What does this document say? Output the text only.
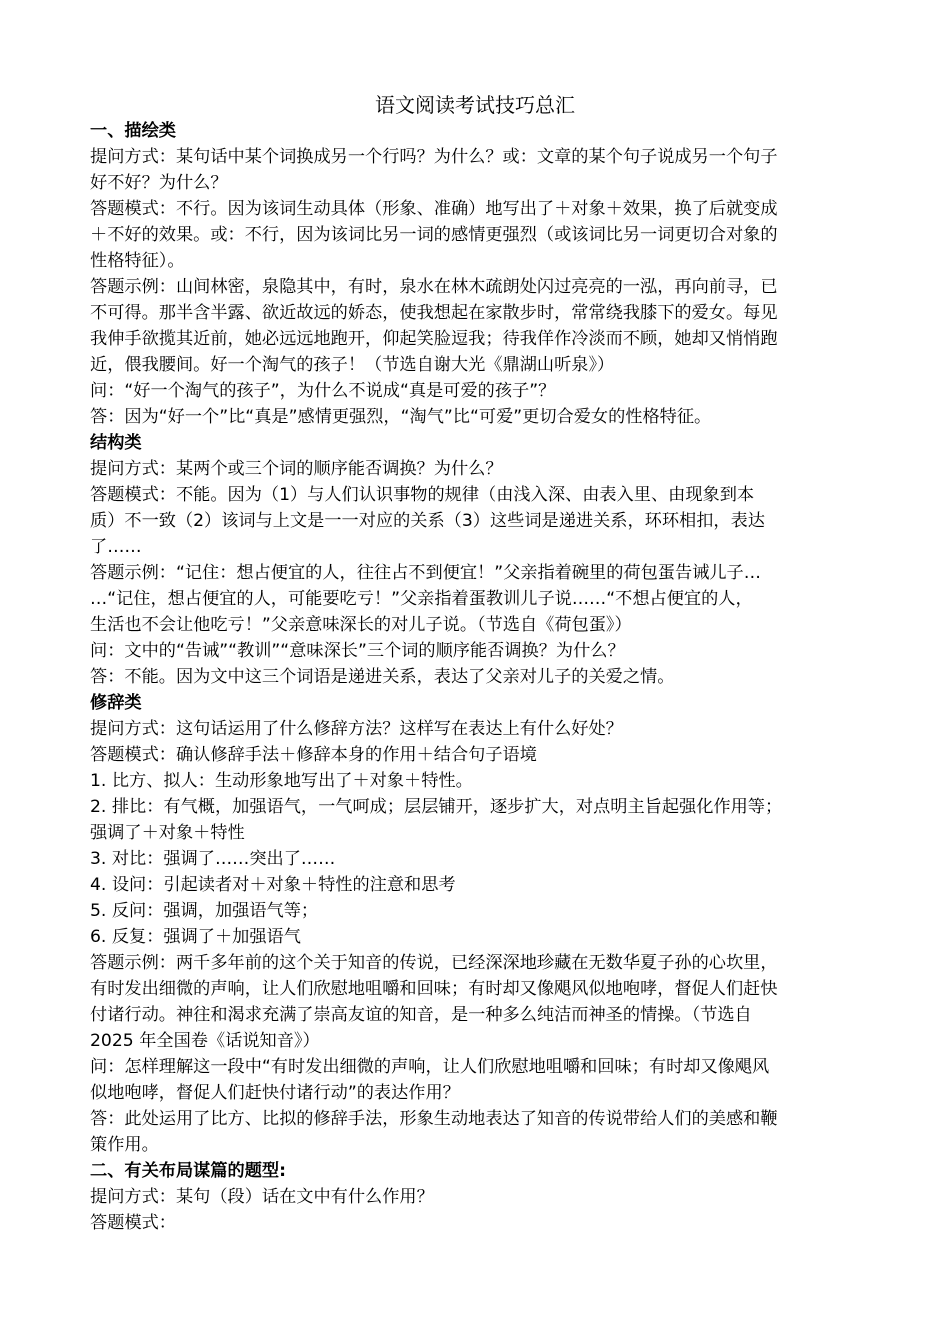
语文阅读考试技巧总汇

一、描绘类

提问方式：某句话中某个词换成另一个行吗？为什么？或：文章的某个句子说成另一个句子

好不好？为什么？

答题模式：不行。因为该词生动具体（形象、准确）地写出了＋对象＋效果，换了后就变成

＋不好的效果。或：不行，因为该词比另一词的感情更强烈（或该词比另一词更切合对象的

性格特征）。

答题示例：山间林密，泉隐其中，有时，泉水在林木疏朗处闪过亮亮的一泓，再向前寻，已

不可得。那半含半露、欲近故远的娇态，使我想起在家散步时，常常绕我膝下的爱女。每见

我伸手欲揽其近前，她必远远地跑开，仰起笑脸逗我；待我佯作冷淡而不顾，她却又悄悄跑

近，偎我腰间。好一个淘气的孩子！（节选自谢大光《鼎湖山听泉》）

问：“好一个淘气的孩子”，为什么不说成“真是可爱的孩子”？

答：因为“好一个”比“真是”感情更强烈，“淘气”比“可爱”更切合爱女的性格特征。

结构类

提问方式：某两个或三个词的顺序能否调换？为什么？

答题模式：不能。因为（1）与人们认识事物的规律（由浅入深、由表入里、由现象到本

质）不一致（2）该词与上文是一一对应的关系（3）这些词是递进关系，环环相扣，表达

了……

答题示例：“记住：想占便宜的人，往往占不到便宜！”父亲指着碗里的荷包蛋告诫儿子…

…“记住，想占便宜的人，可能要吃亏！”父亲指着蛋教训儿子说……“不想占便宜的人，

生活也不会让他吃亏！”父亲意味深长的对儿子说。（节选自《荷包蛋》）

问：文中的“告诫”“教训”“意味深长”三个词的顺序能否调换？为什么？

答：不能。因为文中这三个词语是递进关系，表达了父亲对儿子的关爱之情。

修辞类

提问方式：这句话运用了什么修辞方法？这样写在表达上有什么好处？

答题模式：确认修辞手法＋修辞本身的作用＋结合句子语境

1. 比方、拟人：生动形象地写出了＋对象＋特性。

2. 排比：有气概，加强语气，一气呵成；层层铺开，逐步扩大，对点明主旨起强化作用等；

强调了＋对象＋特性

3. 对比：强调了……突出了……

4. 设问：引起读者对＋对象＋特性的注意和思考

5. 反问：强调，加强语气等；

6. 反复：强调了＋加强语气

答题示例：两千多年前的这个关于知音的传说，已经深深地珍藏在无数华夏子孙的心坎里，

有时发出细微的声响，让人们欣慰地咀嚼和回味；有时却又像飓风似地咆哮，督促人们赶快

付诸行动。神往和渴求充满了崇高友谊的知音，是一种多么纯洁而神圣的情操。（节选自

2025 年全国卷《话说知音》）

问：怎样理解这一段中“有时发出细微的声响，让人们欣慰地咀嚼和回味；有时却又像飓风

似地咆哮，督促人们赶快付诸行动”的表达作用？

答：此处运用了比方、比拟的修辞手法，形象生动地表达了知音的传说带给人们的美感和鞭

策作用。

二、有关布局谋篇的题型:

提问方式：某句（段）话在文中有什么作用？

答题模式：
